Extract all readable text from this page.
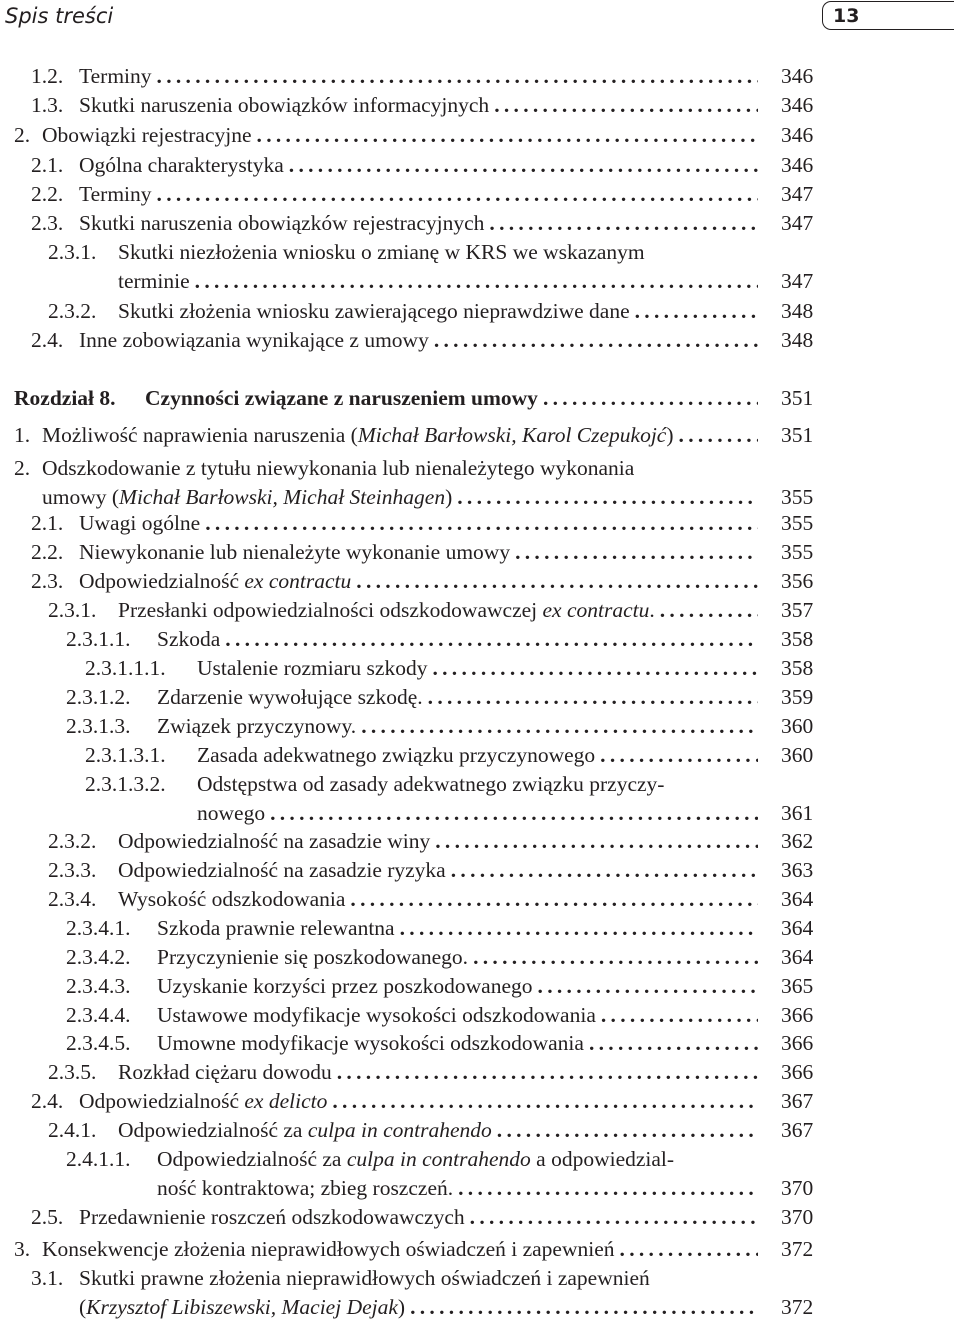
Spis treści	13
1.2. Terminy .....	346
1.3. Skutki naruszenia obowiązków informacyjnych .....	346
2. Obowiązki rejestracyjne .....	346
2.1. Ogólna charakterystyka .....	346
2.2. Terminy .....	347
2.3. Skutki naruszenia obowiązków rejestracyjnych .....	347
2.3.1. Skutki niezłożenia wniosku o zmianę w KRS we wskazanym
terminie .....	347
2.3.2. Skutki złożenia wniosku zawierającego nieprawdziwe dane .....	348
2.4. Inne zobowiązania wynikające z umowy .....	348
Rozdział 8. Czynności związane z naruszeniem umowy .....	351
1. Możliwość naprawienia naruszenia (Michał Barłowski, Karol Czepukojć) .....	351
2. Odszkodowanie z tytułu niewykonania lub nienależytego wykonania
umowy (Michał Barłowski, Michał Steinhagen) .....	355
2.1. Uwagi ogólne .....	355
2.2. Niewykonanie lub nienależyte wykonanie umowy .....	355
2.3. Odpowiedzialność ex contractu .....	356
2.3.1. Przesłanki odpowiedzialności odszkodowawczej ex contractu. .....	357
2.3.1.1. Szkoda .....	358
2.3.1.1.1. Ustalenie rozmiaru szkody .....	358
2.3.1.2. Zdarzenie wywołujące szkodę. .....	359
2.3.1.3. Związek przyczynowy. .....	360
2.3.1.3.1. Zasada adekwatnego związku przyczynowego .....	360
2.3.1.3.2. Odstępstwa od zasady adekwatnego związku przyczy-
nowego .....	361
2.3.2. Odpowiedzialność na zasadzie winy .....	362
2.3.3. Odpowiedzialność na zasadzie ryzyka .....	363
2.3.4. Wysokość odszkodowania .....	364
2.3.4.1. Szkoda prawnie relewantna .....	364
2.3.4.2. Przyczynienie się poszkodowanego. .....	364
2.3.4.3. Uzyskanie korzyści przez poszkodowanego .....	365
2.3.4.4. Ustawowe modyfikacje wysokości odszkodowania .....	366
2.3.4.5. Umowne modyfikacje wysokości odszkodowania .....	366
2.3.5. Rozkład ciężaru dowodu .....	366
2.4. Odpowiedzialność ex delicto .....	367
2.4.1. Odpowiedzialność za culpa in contrahendo .....	367
2.4.1.1. Odpowiedzialność za culpa in contrahendo a odpowiedzial-
ność kontraktowa; zbieg roszczeń. .....	370
2.5. Przedawnienie roszczeń odszkodowawczych .....	370
3. Konsekwencje złożenia nieprawidłowych oświadczeń i zapewnień .....	372
3.1. Skutki prawne złożenia nieprawidłowych oświadczeń i zapewnień
(Krzysztof Libiszewski, Maciej Dejak) .....	372
